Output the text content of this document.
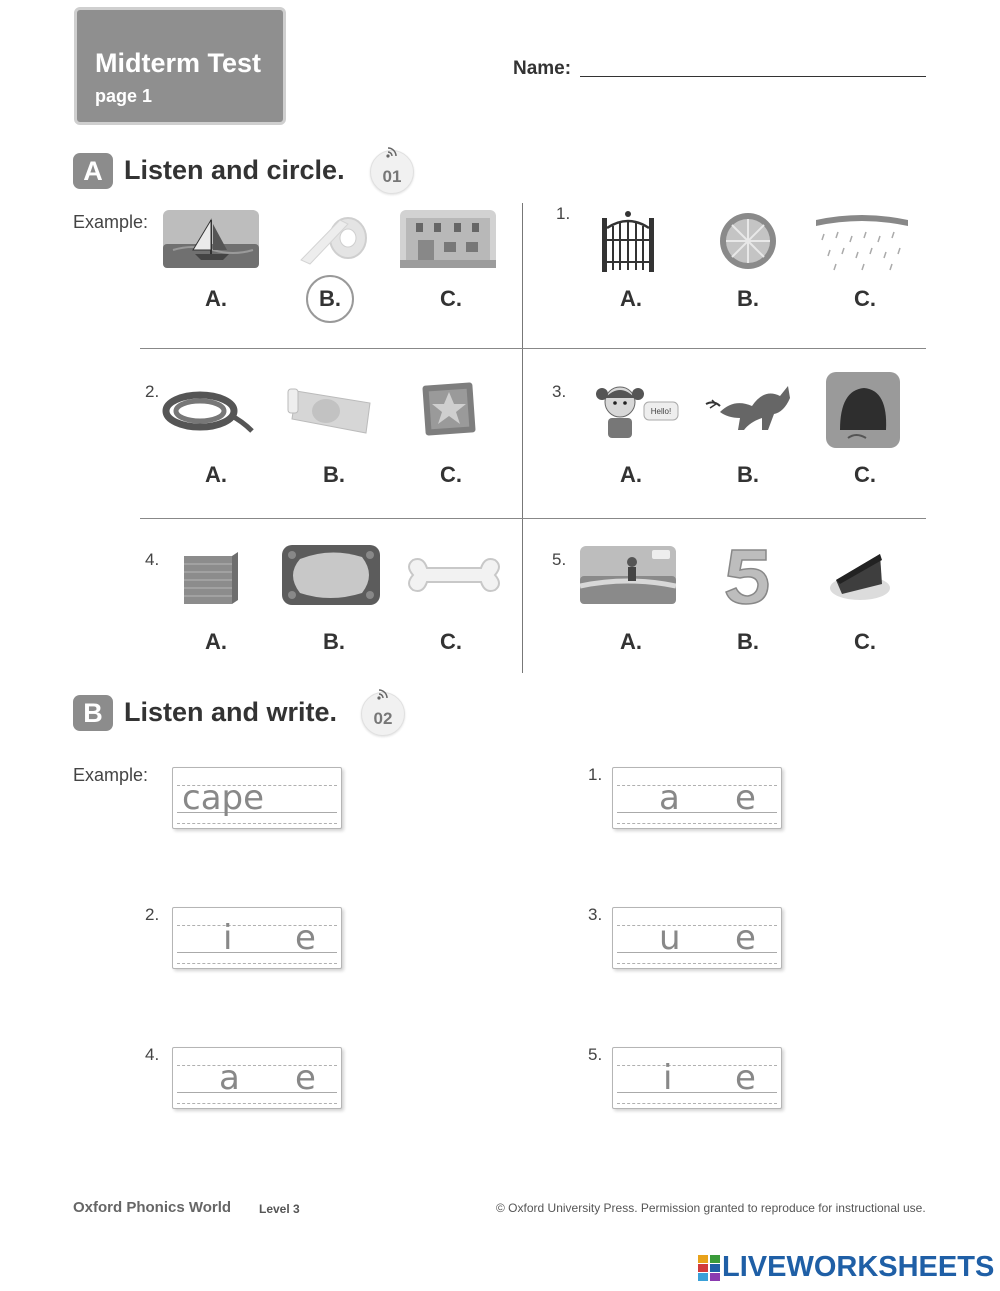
Midterm Test
page 1
Name:
A Listen and circle.	01
Example:
A.	B.	C.
1.
A.	B.	C.
2.
A.	B.	C.
3.
Hello!
A.	B.	C.
4.
A.	B.	C.
5.
A.	B.	C.
B Listen and write.	02
Example:
cape
1.
a e
2.
i e
3.
u e
4.
a e
5.
i e
Oxford Phonics World Level 3	© Oxford University Press. Permission granted to reproduce for instructional use.
LIVEWORKSHEETS
